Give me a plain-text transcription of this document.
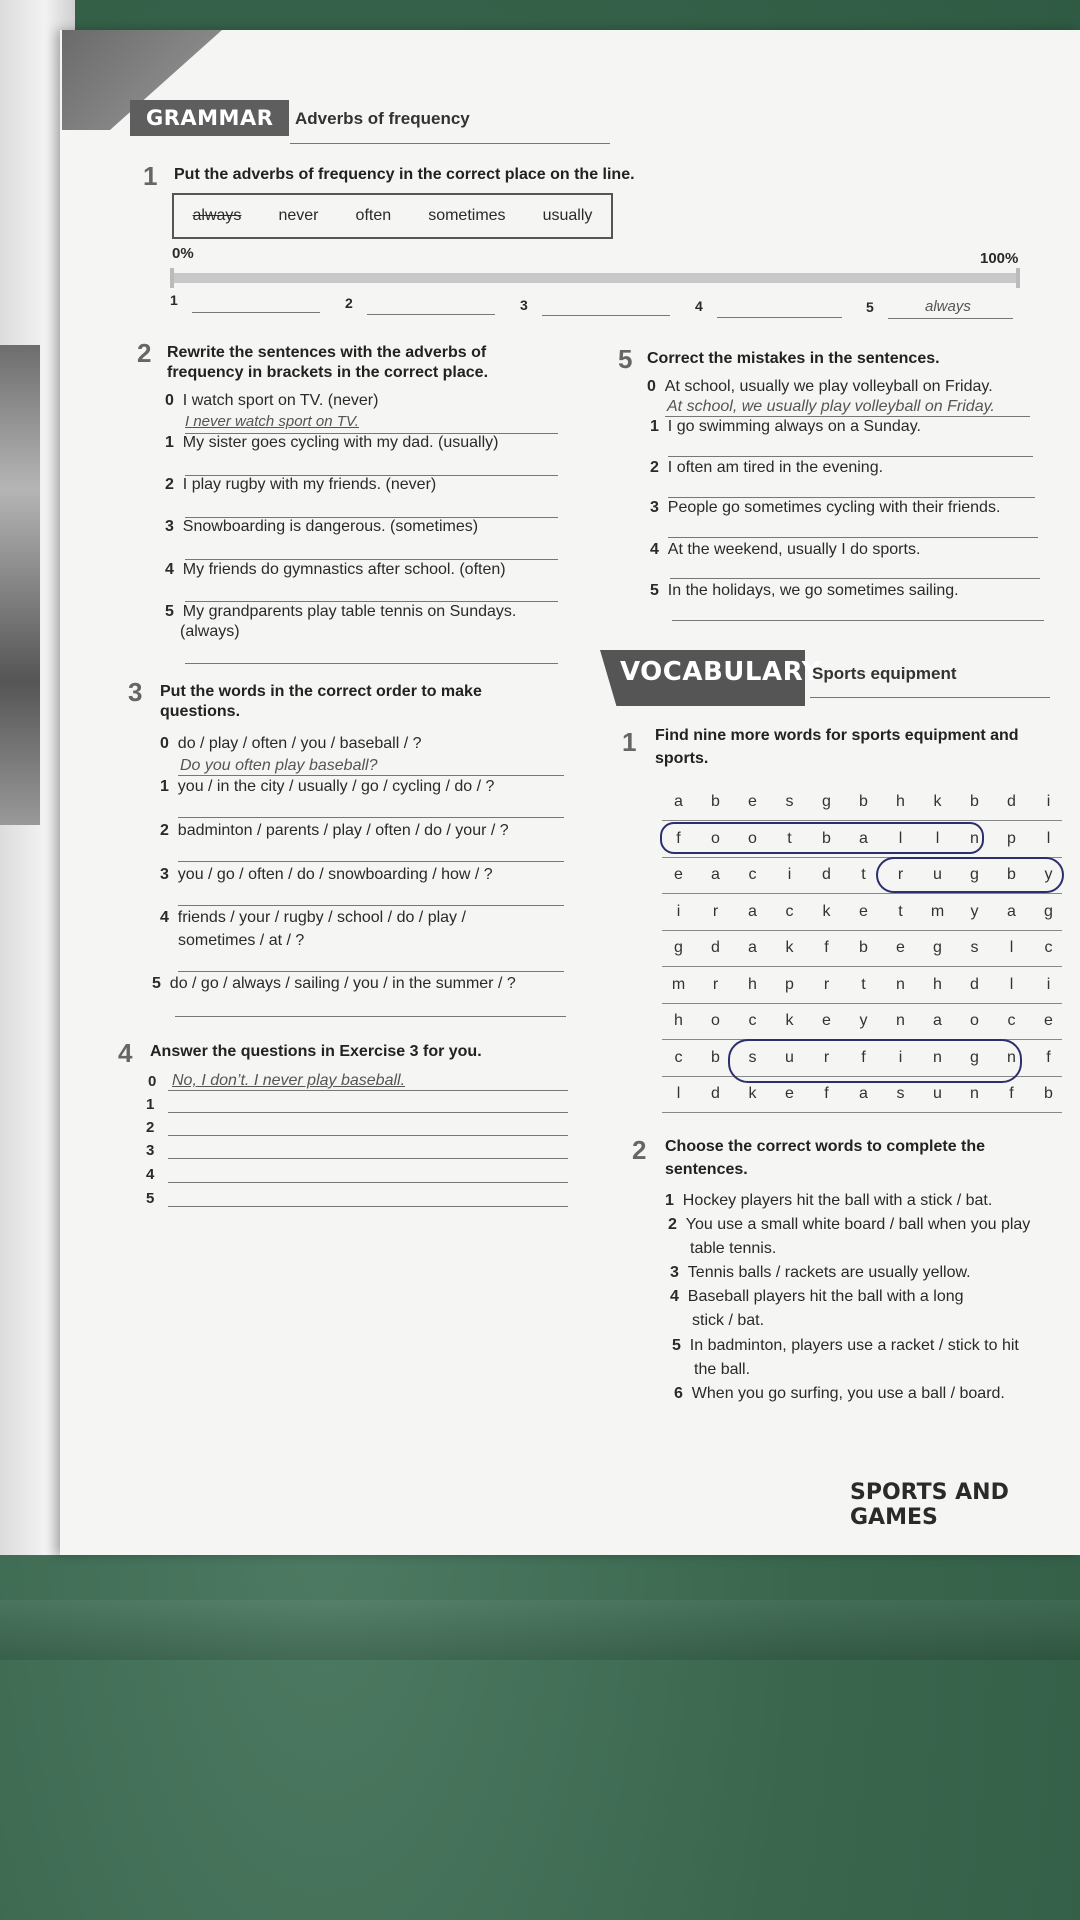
GRAMMAR	Adverbs of frequency
1 Put the adverbs of frequency in the correct place on the line.
always never often sometimes usually
0%	100%
1	2	3	4	5	always
2 Rewrite the sentences with the adverbs of
frequency in brackets in the correct place.
0 I watch sport on TV. (never)
I never watch sport on TV.
1 My sister goes cycling with my dad. (usually)
2 I play rugby with my friends. (never)
3 Snowboarding is dangerous. (sometimes)
4 My friends do gymnastics after school. (often)
5 My grandparents play table tennis on Sundays.
(always)
3 Put the words in the correct order to make
questions.
0 do / play / often / you / baseball / ?
Do you often play baseball?
1 you / in the city / usually / go / cycling / do / ?
2 badminton / parents / play / often / do / your / ?
3 you / go / often / do / snowboarding / how / ?
4 friends / your / rugby / school / do / play /
sometimes / at / ?
5 do / go / always / sailing / you / in the summer / ?
4 Answer the questions in Exercise 3 for you.
0 No, I don’t. I never play baseball.
1
2
3
4
5
5 Correct the mistakes in the sentences.
0 At school, usually we play volleyball on Friday.
At school, we usually play volleyball on Friday.
1 I go swimming always on a Sunday.
2 I often am tired in the evening.
3 People go sometimes cycling with their friends.
4 At the weekend, usually I do sports.
5 In the holidays, we go sometimes sailing.
VOCABULARY
Sports equipment
1 Find nine more words for sports equipment and
sports.
a	b	e	s	g	b	h	k	b	d	i
f	o	o	t	b	a	l	l	n	p	l
e	a	c	i	d	t	r	u	g	b	y
i	r	a	c	k	e	t	m	y	a	g
g	d	a	k	f	b	e	g	s	l	c
m	r	h	p	r	t	n	h	d	l	i
h	o	c	k	e	y	n	a	o	c	e
c	b	s	u	r	f	i	n	g	n	f
l	d	k	e	f	a	s	u	n	f	b
2 Choose the correct words to complete the
sentences.
1 Hockey players hit the ball with a stick / bat.
2 You use a small white board / ball when you play
table tennis.
3 Tennis balls / rackets are usually yellow.
4 Baseball players hit the ball with a long
stick / bat.
5 In badminton, players use a racket / stick to hit
the ball.
6 When you go surfing, you use a ball / board.
SPORTS AND GAMES
